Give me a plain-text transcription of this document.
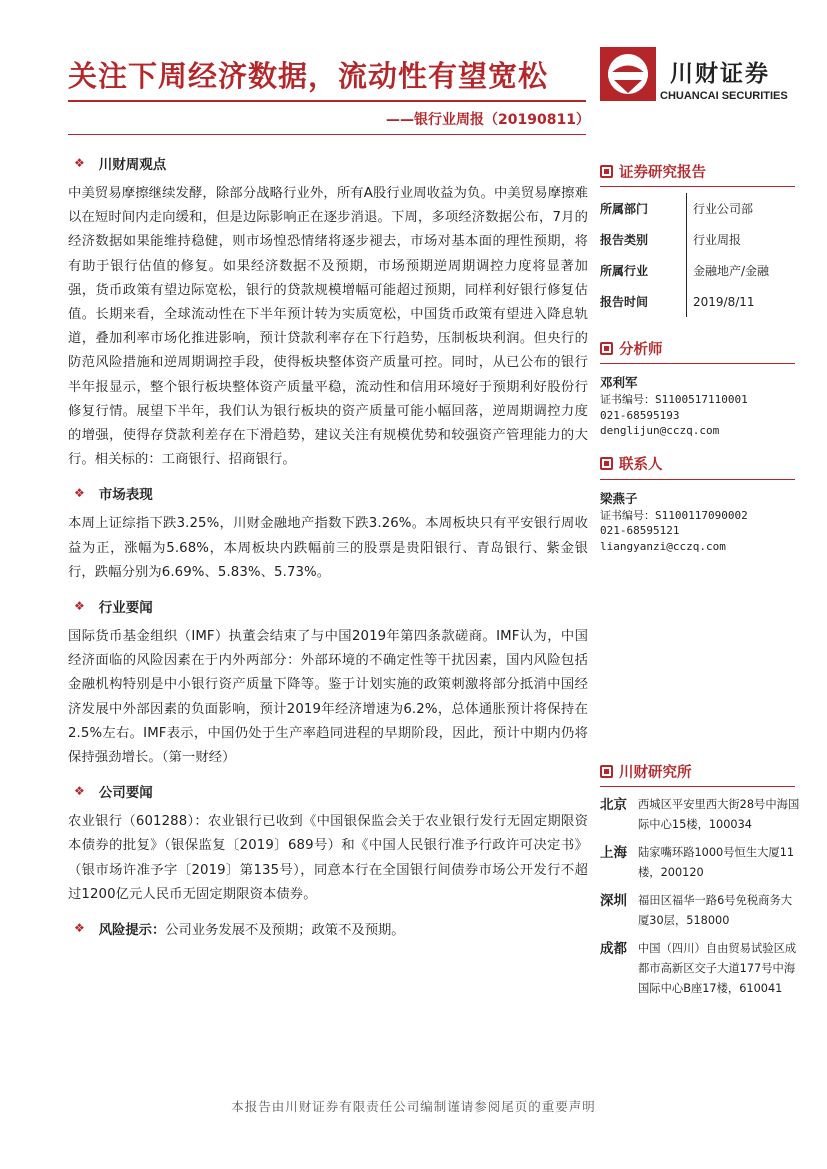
关注下周经济数据，流动性有望宽松
——银行业周报（20190811）
川财证券
CHUANCAI SECURITIES
❖ 川财周观点
中美贸易摩擦继续发酵，除部分战略行业外，所有A股行业周收益为负。中美贸易摩擦难以在短时间内走向缓和，但是边际影响正在逐步消退。下周，多项经济数据公布，7月的经济数据如果能维持稳健，则市场惶恐情绪将逐步褪去，市场对基本面的理性预期，将有助于银行估值的修复。如果经济数据不及预期，市场预期逆周期调控力度将显著加强，货币政策有望边际宽松，银行的贷款规模增幅可能超过预期，同样利好银行修复估值。长期来看，全球流动性在下半年预计转为实质宽松，中国货币政策有望进入降息轨道，叠加利率市场化推进影响，预计贷款利率存在下行趋势，压制板块利润。但央行的防范风险措施和逆周期调控手段，使得板块整体资产质量可控。同时，从已公布的银行半年报显示，整个银行板块整体资产质量平稳，流动性和信用环境好于预期利好股份行修复行情。展望下半年，我们认为银行板块的资产质量可能小幅回落，逆周期调控力度的增强，使得存贷款利差存在下滑趋势，建议关注有规模优势和较强资产管理能力的大行。相关标的：工商银行、招商银行。
❖ 市场表现
本周上证综指下跌3.25%，川财金融地产指数下跌3.26%。本周板块只有平安银行周收益为正，涨幅为5.68%，本周板块内跌幅前三的股票是贵阳银行、青岛银行、紫金银行，跌幅分别为6.69%、5.83%、5.73%。
❖ 行业要闻
国际货币基金组织（IMF）执董会结束了与中国2019年第四条款磋商。IMF认为，中国经济面临的风险因素在于内外两部分：外部环境的不确定性等干扰因素，国内风险包括金融机构特别是中小银行资产质量下降等。鉴于计划实施的政策刺激将部分抵消中国经济发展中外部因素的负面影响，预计2019年经济增速为6.2%，总体通胀预计将保持在2.5%左右。IMF表示，中国仍处于生产率趋同进程的早期阶段，因此，预计中期内仍将保持强劲增长。（第一财经）
❖ 公司要闻
农业银行（601288）：农业银行已收到《中国银保监会关于农业银行发行无固定期限资本债券的批复》（银保监复〔2019〕689号）和《中国人民银行准予行政许可决定书》（银市场许准予字〔2019〕第135号），同意本行在全国银行间债券市场公开发行不超过1200亿元人民币无固定期限资本债券。
❖ 风险提示： 公司业务发展不及预期；政策不及预期。
证券研究报告
所属部门	行业公司部
报告类别	行业周报
所属行业	金融地产/金融
报告时间	2019/8/11
分析师
邓利军
证书编号：S1100517110001
021-68595193
denglijun@cczq.com
联系人
梁燕子
证书编号：S1100117090002
021-68595121
liangyanzi@cczq.com
川财研究所
北京 西城区平安里西大街28号中海国际中心15楼，100034
上海 陆家嘴环路1000号恒生大厦11楼，200120
深圳 福田区福华一路6号免税商务大厦30层，518000
成都 中国（四川）自由贸易试验区成都市高新区交子大道177号中海国际中心B座17楼，610041
本报告由川财证券有限责任公司编制谨请参阅尾页的重要声明
